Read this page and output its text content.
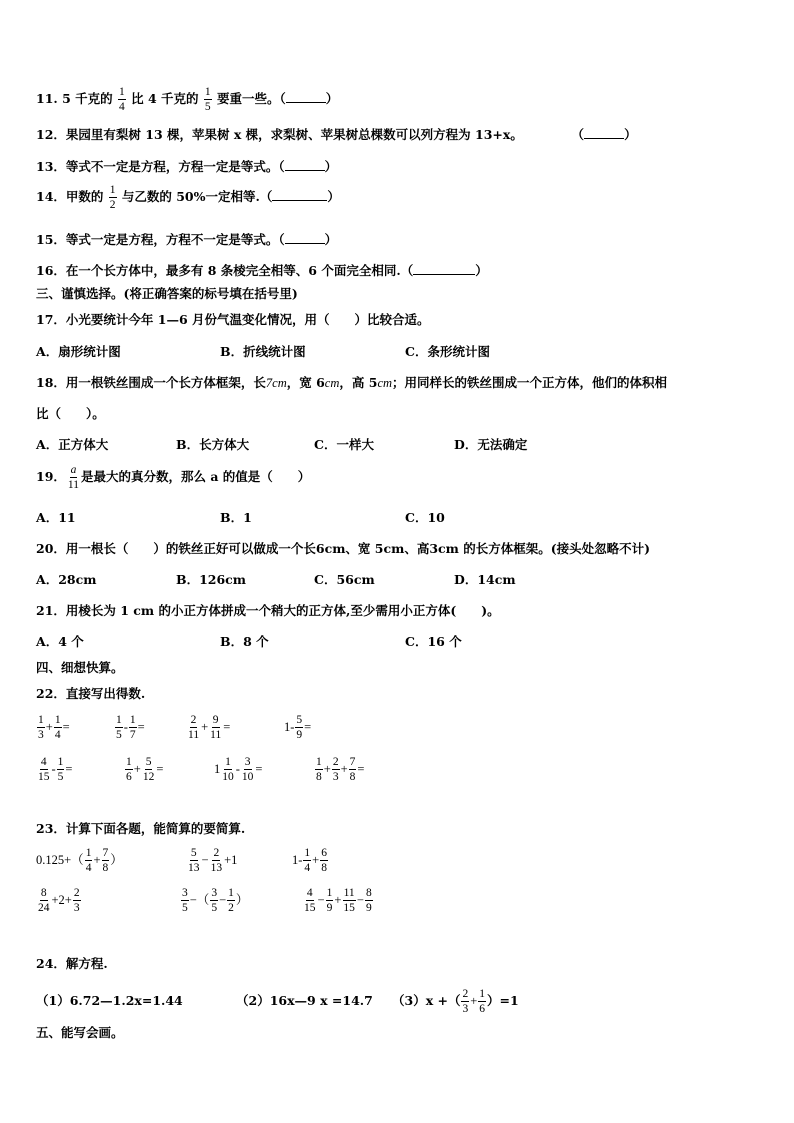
11. 5 千克的 $\frac{1}{4}$ 比 4 千克的 $\frac{1}{5}$ 要重一些。（	）
12．果园里有梨树 13 棵，苹果树 x 棵，求梨树、苹果树总棵数可以列方程为 13+x。	（	）
13．等式不一定是方程，方程一定是等式。（	）
14．甲数的 $\frac{1}{2}$ 与乙数的 50%一定相等.（	）
15．等式一定是方程，方程不一定是等式。（	）
16．在一个长方体中，最多有 8 条棱完全相等、6 个面完全相同.（	）
三、谨慎选择。(将正确答案的标号填在括号里)
17．小光要统计今年 1—6 月份气温变化情况，用（　　）比较合适。
A．扇形统计图	B．折线统计图	C．条形统计图
18．用一根铁丝围成一个长方体框架，长7cm，宽 6cm，高 5cm；用同样长的铁丝围成一个正方体，他们的体积相
比（　　）。
A．正方体大	B．长方体大	C．一样大	D．无法确定
19． $\frac{a}{11}$ 是最大的真分数，那么 a 的值是（　　）
A．11	B．1	C．10
20．用一根长（　　）的铁丝正好可以做成一个长6cm、宽 5cm、高3cm 的长方体框架。(接头处忽略不计)
A．28cm	B．126cm	C．56cm	D．14cm
21．用棱长为 1 cm 的小正方体拼成一个稍大的正方体,至少需用小正方体(　　)。
A．4 个	B．8 个	C．16 个
四、细想快算。
22．直接写出得数.
$\frac{1}{3} + \frac{1}{4}$ =	$\frac{1}{5} - \frac{1}{7}$ =	$\frac{2}{11} + \frac{9}{11}$ =	$1- \frac{5}{9}$ =
$\frac{4}{15} - \frac{1}{5}$ =	$\frac{1}{6} + \frac{5}{12}$ =	$1 \frac{1}{10} - \frac{3}{10}$ =	$\frac{1}{8} + \frac{2}{3} + \frac{7}{8}$ =
23．计算下面各题，能简算的要简算.
$0.125+( \frac{1}{4} + \frac{7}{8}$ ）	$\frac{5}{13} - \frac{2}{13} +1$	$1- \frac{1}{4} + \frac{6}{8}$
$\frac{8}{24} +2+ \frac{2}{3}$	$\frac{3}{5}$ −（ $\frac{3}{5} - \frac{1}{2}$ ）	$\frac{4}{15} - \frac{1}{9} + \frac{11}{15} - \frac{8}{9}$
24．解方程.
（1）6.72—1.2x=1.44	（2）16x—9 x =14.7 （3）x +（ $\frac{2}{3} + \frac{1}{6} )=1$
五、能写会画。
